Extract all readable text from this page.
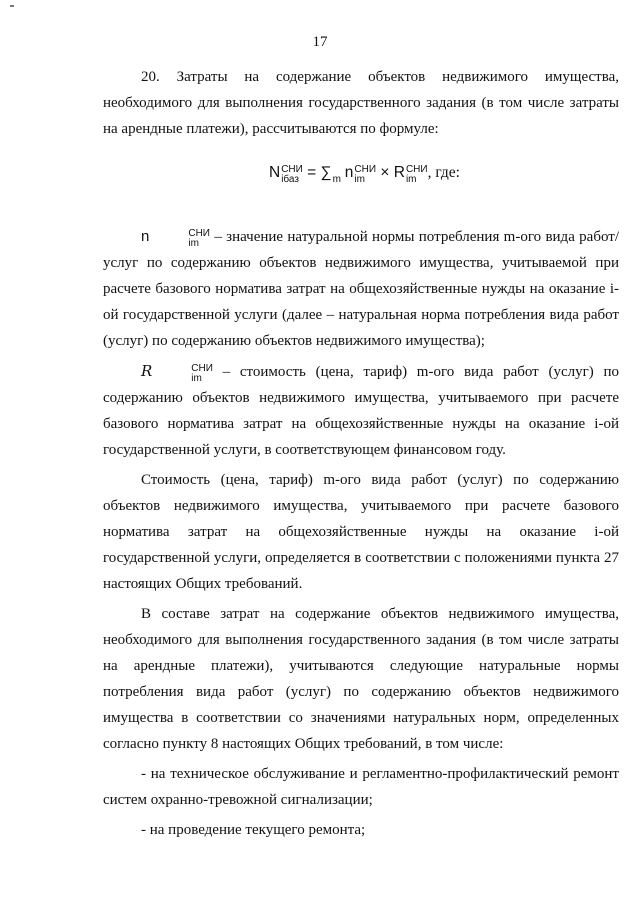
17

20. Затраты на содержание объектов недвижимого имущества, необходимого для выполнения государственного задания (в том числе затраты на арендные платежи), рассчитываются по формуле:

N СНИ
iбаз = ∑
m n СНИ
im × R СНИ
im , где:

n	СНИ
im – значение натуральной нормы потребления m-ого вида работ/услуг по содержанию объектов недвижимого имущества, учитываемой при расчете базового норматива затрат на общехозяйственные нужды на оказание i-ой государственной услуги (далее – натуральная норма потребления вида работ (услуг) по содержанию объектов недвижимого имущества);

R	СНИ
im – стоимость (цена, тариф) m-ого вида работ (услуг) по содержанию объектов недвижимого имущества, учитываемого при расчете базового норматива затрат на общехозяйственные нужды на оказание i-ой государственной услуги, в соответствующем финансовом году.

Стоимость (цена, тариф) m-ого вида работ (услуг) по содержанию объектов недвижимого имущества, учитываемого при расчете базового норматива затрат на общехозяйственные нужды на оказание i-ой государственной услуги, определяется в соответствии с положениями пункта 27 настоящих Общих требований.

В составе затрат на содержание объектов недвижимого имущества, необходимого для выполнения государственного задания (в том числе затраты на арендные платежи), учитываются следующие натуральные нормы потребления вида работ (услуг) по содержанию объектов недвижимого имущества в соответствии со значениями натуральных норм, определенных согласно пункту 8 настоящих Общих требований, в том числе:

- на техническое обслуживание и регламентно-профилактический ремонт систем охранно-тревожной сигнализации;

- на проведение текущего ремонта;
